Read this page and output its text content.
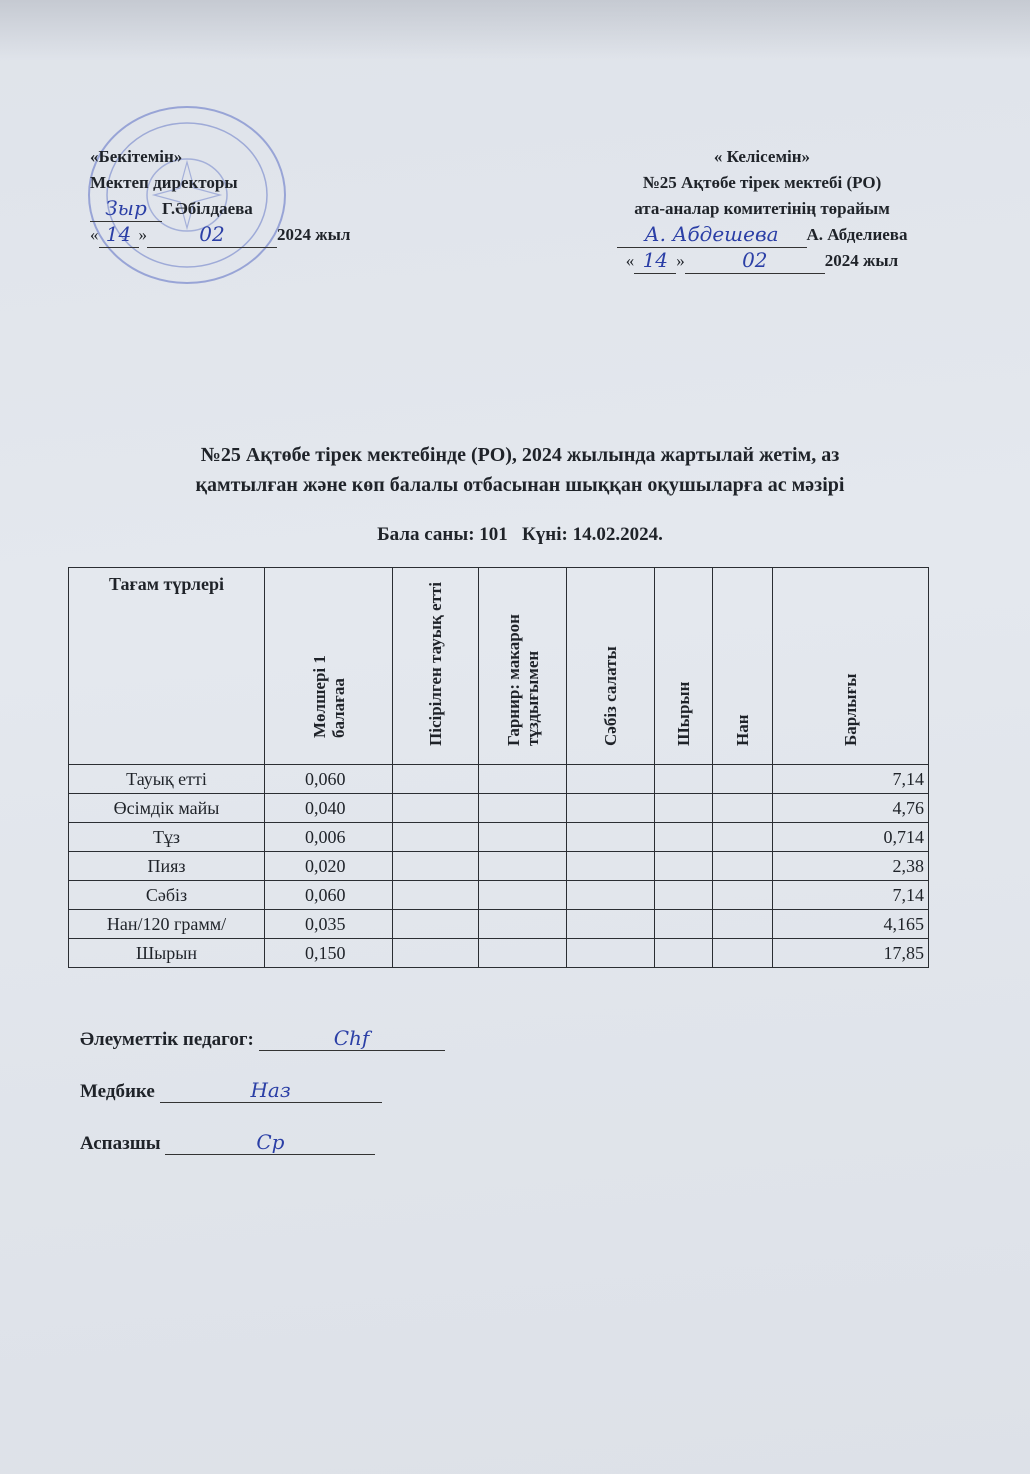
«Бекітемін»
Мектеп директоры
Зыр Г.Әбілдаева
« 14 »	02	2024 жыл
« Келісемін»
№25 Ақтөбе тірек мектебі (РО)
ата-аналар комитетінің төрайым
А. Абдешева	А. Абделиева
« 14 »	02	2024 жыл
№25 Ақтөбе тірек мектебінде (РО), 2024 жылында жартылай жетім, аз
қамтылған және көп балалы отбасынан шыққан оқушыларға ас мәзірі
Бала саны: 101 Күні: 14.02.2024.
Тағам түрлері	Мөлшері 1 балағаа	Пісірілген тауық етті	Гарнир: макарон тұздығымен	Сәбіз салаты	Шырын	Нан	Барлығы

Тауық етті	0,060						7,14
Өсімдік майы	0,040						4,76
Тұз	0,006						0,714
Пияз	0,020						2,38
Сәбіз	0,060						7,14
Нан/120 грамм/	0,035						4,165
Шырын	0,150						17,85
Әлеуметтік педагог:	Chf
Медбике	Наз
Аспазшы	Ср
